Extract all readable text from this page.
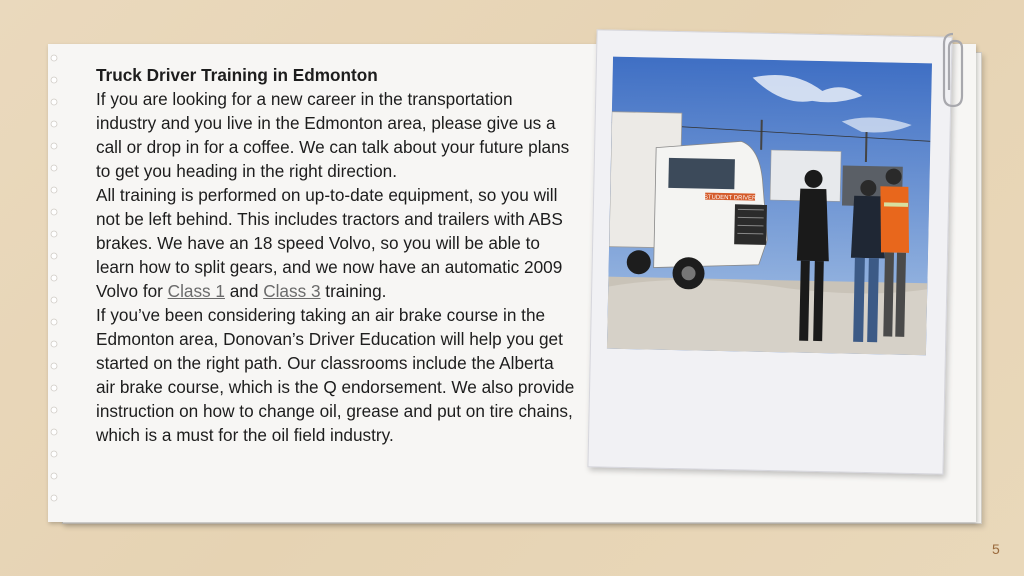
Truck Driver Training in Edmonton

If you are looking for a new career in the transportation industry and you live in the Edmonton area, please give us a call or drop in for a coffee. We can talk about your future plans to get you heading in the right direction.

All training is performed on up-to-date equipment, so you will not be left behind. This includes tractors and trailers with ABS brakes. We have an 18 speed Volvo, so you will be able to learn how to split gears, and we now have an automatic 2009 Volvo for Class 1 and Class 3 training.

If you’ve been considering taking an air brake course in the Edmonton area, Donovan’s Driver Education will help you get started on the right path. Our classrooms include the Alberta air brake course, which is the Q endorsement. We also provide instruction on how to change oil, grease and put on tire chains, which is a must for the oil field industry.

STUDENT DRIVER
5
